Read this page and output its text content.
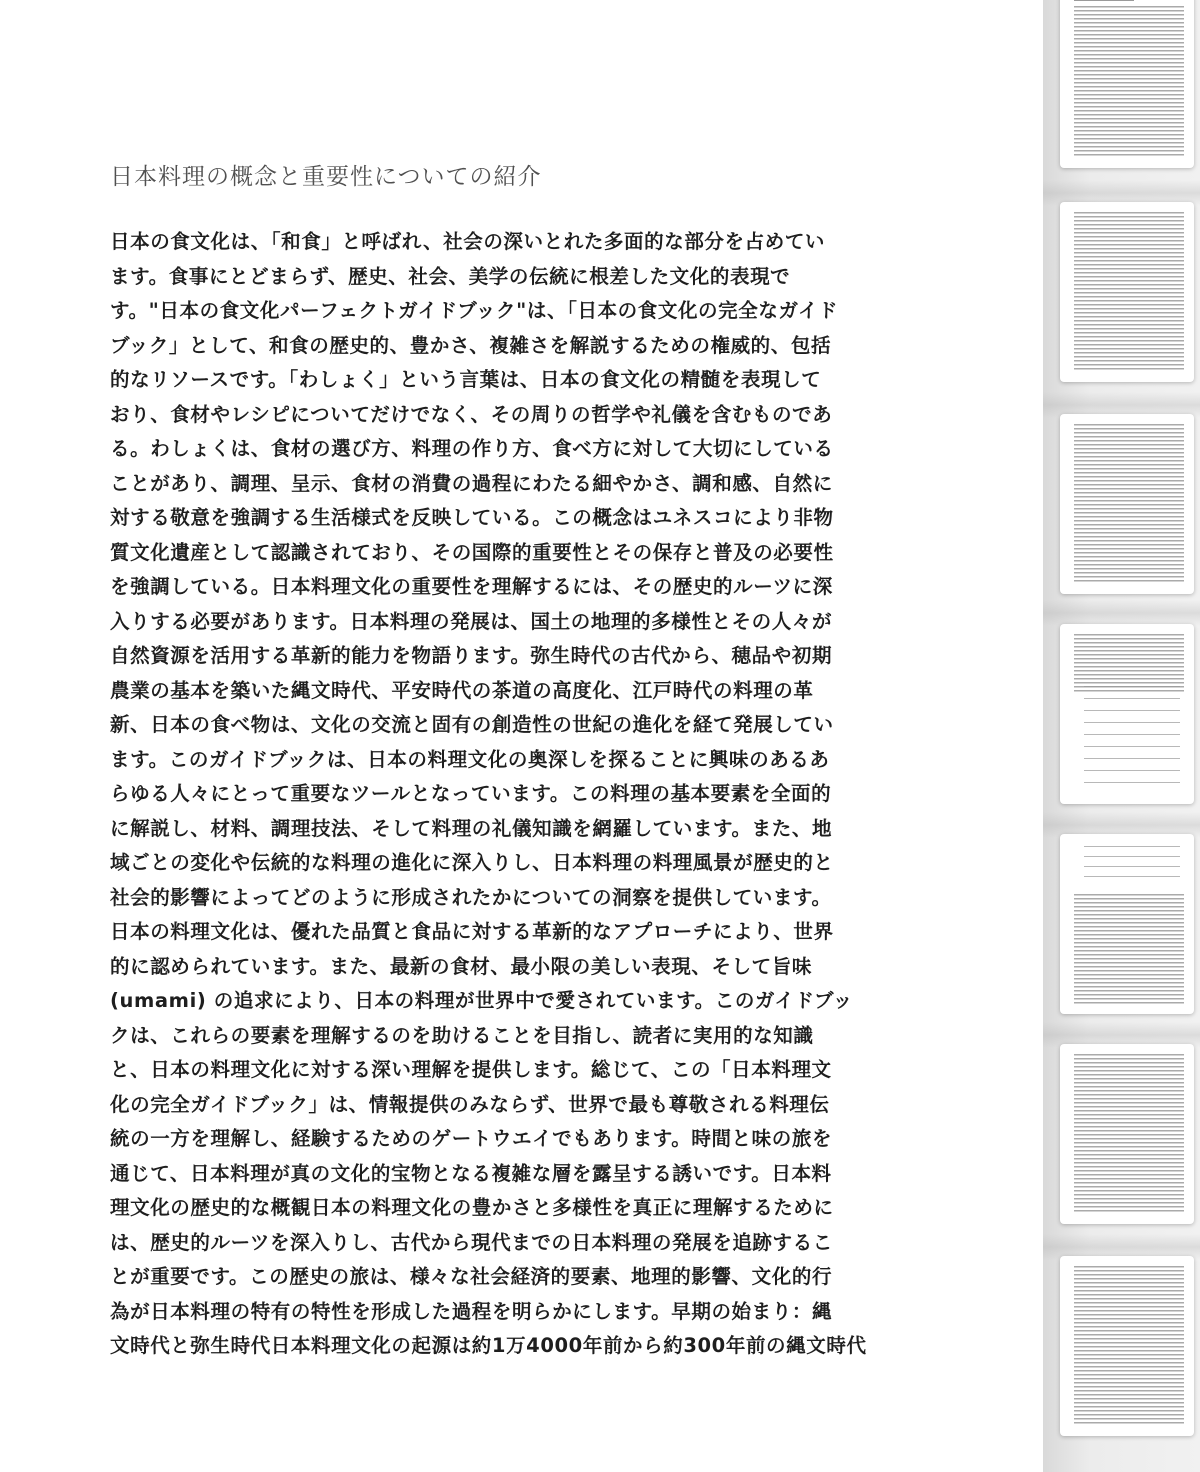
日本料理の概念と重要性についての紹介
日本の食文化は、「和食」と呼ばれ、社会の深いとれた多面的な部分を占めてい
ます。食事にとどまらず、歴史、社会、美学の伝統に根差した文化的表現で
す。"日本の食文化パーフェクトガイドブック"は、「日本の食文化の完全なガイド
ブック」として、和食の歴史的、豊かさ、複雑さを解説するための権威的、包括
的なリソースです。「わしょく」という言葉は、日本の食文化の精髄を表現して
おり、食材やレシピについてだけでなく、その周りの哲学や礼儀を含むものであ
る。わしょくは、食材の選び方、料理の作り方、食べ方に対して大切にしている
ことがあり、調理、呈示、食材の消費の過程にわたる細やかさ、調和感、自然に
対する敬意を強調する生活様式を反映している。この概念はユネスコにより非物
質文化遺産として認識されており、その国際的重要性とその保存と普及の必要性
を強調している。日本料理文化の重要性を理解するには、その歴史的ルーツに深
入りする必要があります。日本料理の発展は、国土の地理的多様性とその人々が
自然資源を活用する革新的能力を物語ります。弥生時代の古代から、穂品や初期
農業の基本を築いた縄文時代、平安時代の茶道の高度化、江戸時代の料理の革
新、日本の食べ物は、文化の交流と固有の創造性の世紀の進化を経て発展してい
ます。このガイドブックは、日本の料理文化の奥深しを探ることに興味のあるあ
らゆる人々にとって重要なツールとなっています。この料理の基本要素を全面的
に解説し、材料、調理技法、そして料理の礼儀知識を網羅しています。また、地
域ごとの変化や伝統的な料理の進化に深入りし、日本料理の料理風景が歴史的と
社会的影響によってどのように形成されたかについての洞察を提供しています。
日本の料理文化は、優れた品質と食品に対する革新的なアプローチにより、世界
的に認められています。また、最新の食材、最小限の美しい表現、そして旨味
(umami) の追求により、日本の料理が世界中で愛されています。このガイドブッ
クは、これらの要素を理解するのを助けることを目指し、読者に実用的な知識
と、日本の料理文化に対する深い理解を提供します。総じて、この「日本料理文
化の完全ガイドブック」は、情報提供のみならず、世界で最も尊敬される料理伝
統の一方を理解し、経験するためのゲートウエイでもあります。時間と味の旅を
通じて、日本料理が真の文化的宝物となる複雑な層を露呈する誘いです。日本料
理文化の歴史的な概観日本の料理文化の豊かさと多様性を真正に理解するために
は、歴史的ルーツを深入りし、古代から現代までの日本料理の発展を追跡するこ
とが重要です。この歴史の旅は、様々な社会経済的要素、地理的影響、文化的行
為が日本料理の特有の特性を形成した過程を明らかにします。早期の始まり：縄
文時代と弥生時代日本料理文化の起源は約1万4000年前から約300年前の縄文時代
